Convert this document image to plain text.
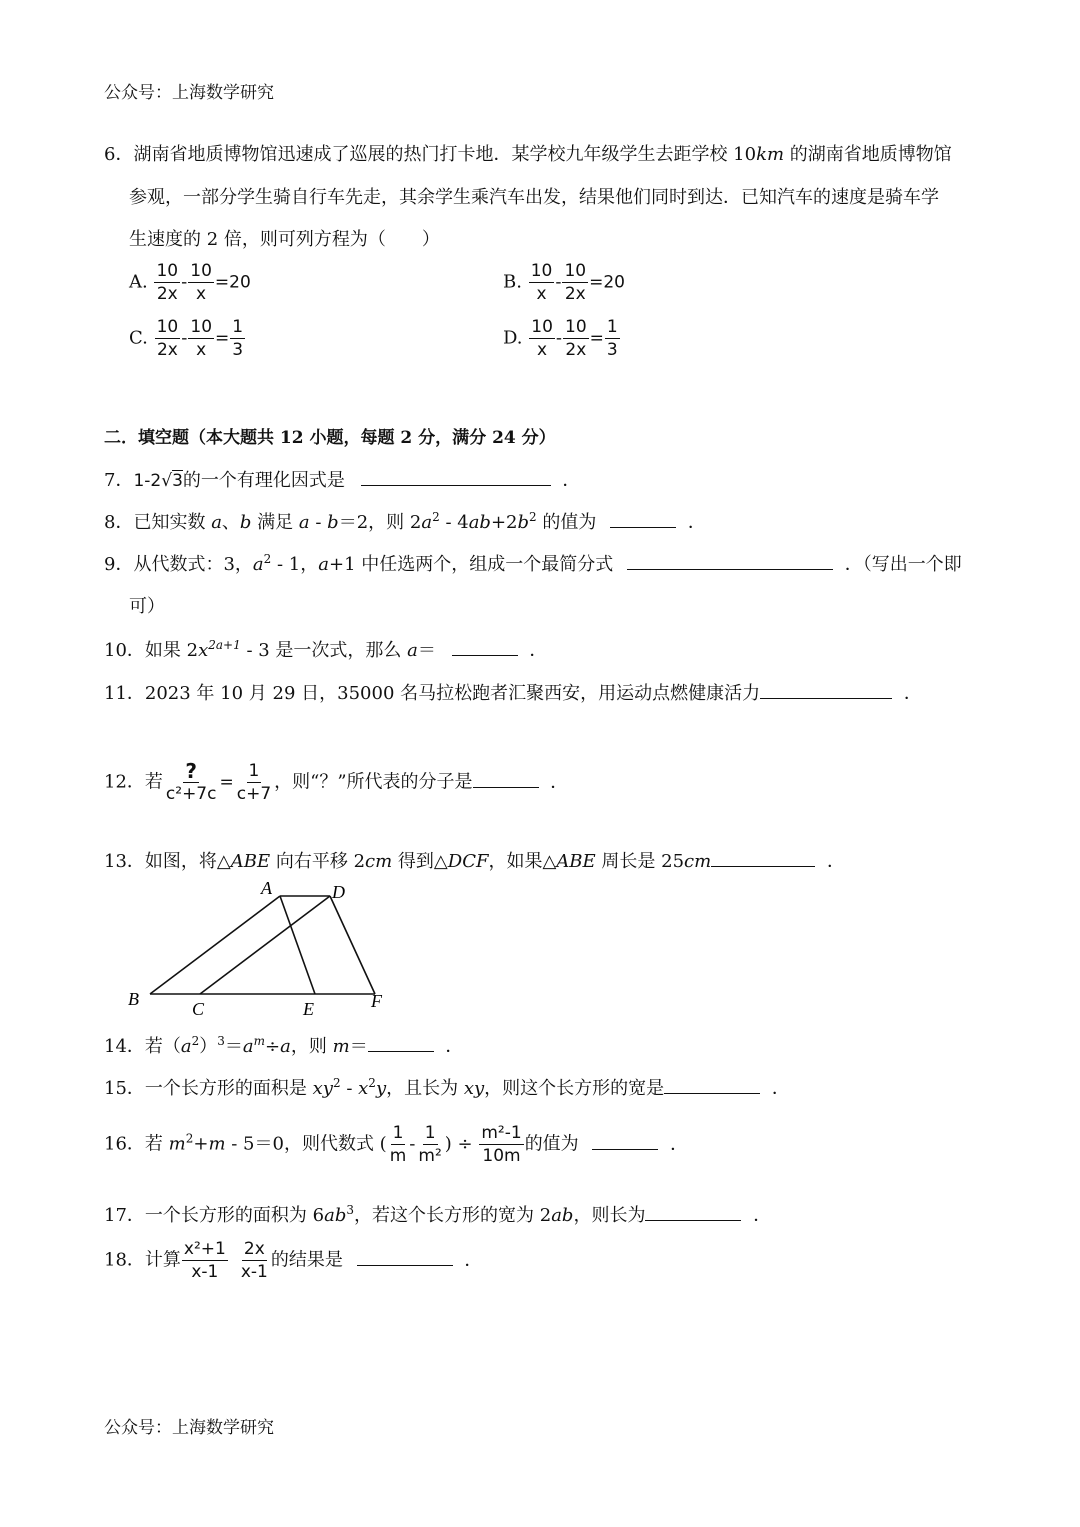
公众号：上海数学研究
6．湖南省地质博物馆迅速成了巡展的热门打卡地．某学校九年级学生去距学校 10km 的湖南省地质博物馆
参观，一部分学生骑自行车先走，其余学生乘汽车出发，结果他们同时到达．已知汽车的速度是骑车学
生速度的 2 倍，则可列方程为（　　）
A. $\frac{10}{2x} - \frac{10}{x} =20$	B. $\frac{10}{x} - \frac{10}{2x} =20$
C. $\frac{10}{2x} - \frac{10}{x} = \frac{1}{3}$	D. $\frac{10}{x} - \frac{10}{2x} = \frac{1}{3}$
二．填空题（本大题共 12 小题，每题 2 分，满分 24 分）
7．1-2√3的一个有理化因式是	．
8．已知实数 a、b 满足 a - b＝2，则 $2a^2 - 4ab+2b^2$ 的值为	．
9．从代数式：3，$a^2 - 1$，a+1 中任选两个，组成一个最简分式	．（写出一个即
可）
10．如果 $2x^{2a+1} - 3$ 是一次式，那么 a＝	．
11．2023 年 10 月 29 日，35000 名马拉松跑者汇聚西安，用运动点燃健康活力	．
12．若 $\frac{?}{\text{c²+7c}} = \frac{1}{c+7}$ ，则“？”所代表的分子是	．
13．如图，将△ABE 向右平移 2cm 得到△DCF，如果△ABE 周长是 25cm	．
A	D
B	C	E	F
14．若$(a^2)^3=a^m\div a$，则 m＝	．
15．一个长方形的面积是 $xy^2 - x^2y$，且长为 xy，则这个长方形的宽是	．
16．若 $m^2+m - 5=0$，则代数式 ( $\frac{1}{m} - \frac{1}{\text{m²}}$ ) ÷ $\frac{\text{m²-1}}{10m}$ 的值为	．
17．一个长方形的面积为 $6ab^3$，若这个长方形的宽为 2ab，则长为	．
18．计算 $\frac{\text{x²+1}}{x-1} \frac{2x}{x-1}$ 的结果是	．
公众号：上海数学研究
